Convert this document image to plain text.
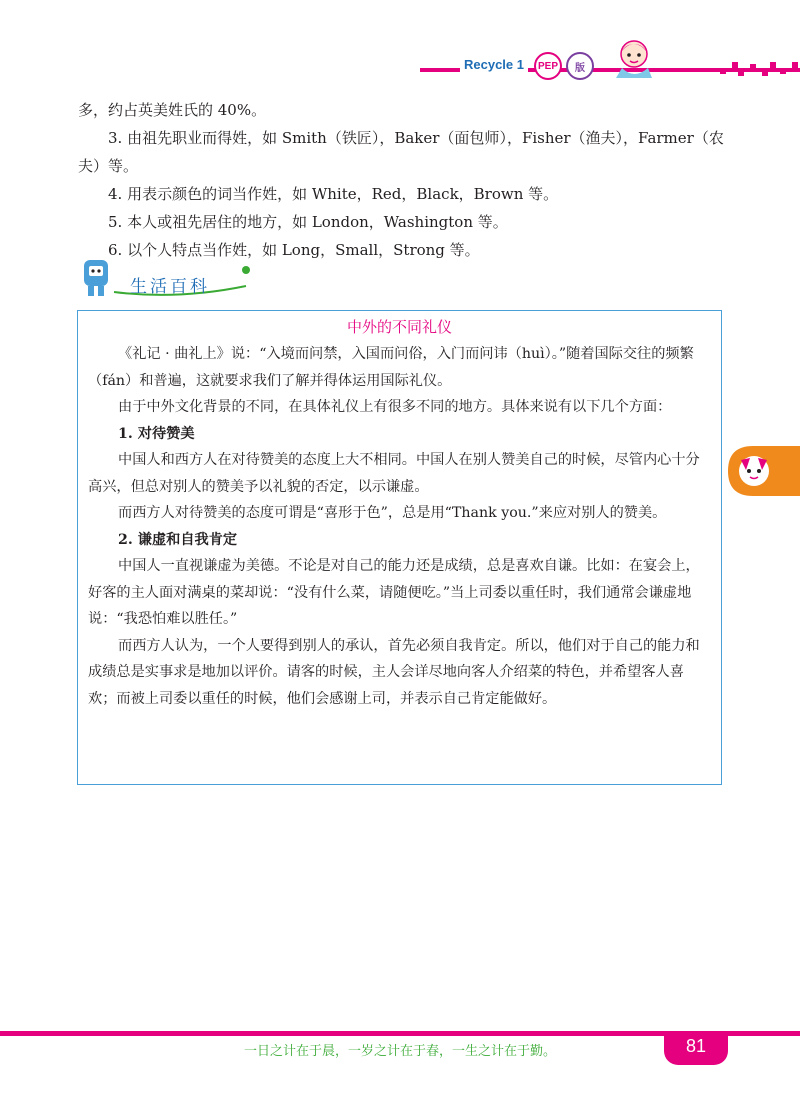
Recycle 1	PEP	版

多，约占英美姓氏的 40%。

3. 由祖先职业而得姓，如 Smith（铁匠），Baker（面包师），Fisher（渔夫），Farmer（农夫）等。

4. 用表示颜色的词当作姓，如 White，Red，Black，Brown 等。

5. 本人或祖先居住的地方，如 London，Washington 等。

6. 以个人特点当作姓，如 Long，Small，Strong 等。

生活百科
中外的不同礼仪

《礼记 · 曲礼上》说：“入境而问禁，入国而问俗，入门而问讳（huì）。”随着国际交往的频繁（fán）和普遍，这就要求我们了解并得体运用国际礼仪。

由于中外文化背景的不同，在具体礼仪上有很多不同的地方。具体来说有以下几个方面：

1. 对待赞美

中国人和西方人在对待赞美的态度上大不相同。中国人在别人赞美自己的时候，尽管内心十分高兴，但总对别人的赞美予以礼貌的否定，以示谦虚。

而西方人对待赞美的态度可谓是“喜形于色”，总是用“Thank you.”来应对别人的赞美。

2. 谦虚和自我肯定

中国人一直视谦虚为美德。不论是对自己的能力还是成绩，总是喜欢自谦。比如：在宴会上，好客的主人面对满桌的菜却说：“没有什么菜，请随便吃。”当上司委以重任时，我们通常会谦虚地说：“我恐怕难以胜任。”

而西方人认为，一个人要得到别人的承认，首先必须自我肯定。所以，他们对于自己的能力和成绩总是实事求是地加以评价。请客的时候，主人会详尽地向客人介绍菜的特色，并希望客人喜欢；而被上司委以重任的时候，他们会感谢上司，并表示自己肯定能做好。

一日之计在于晨，一岁之计在于春，一生之计在于勤。	81
